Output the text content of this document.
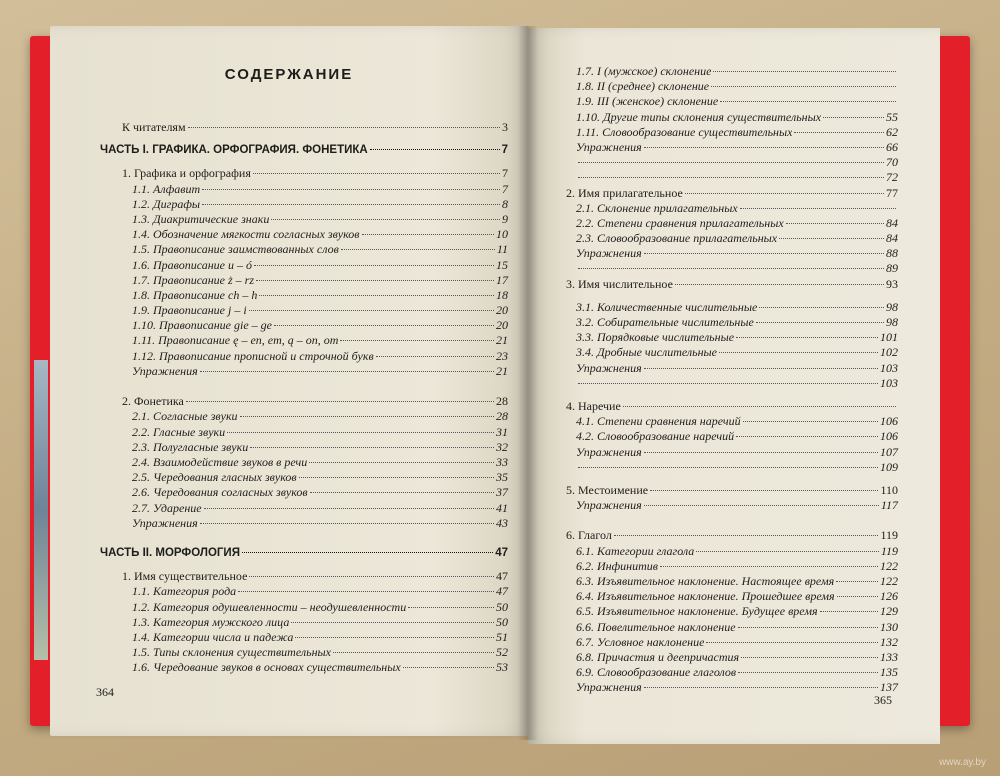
СОДЕРЖАНИЕ
К читателям	3
ЧАСТЬ I. ГРАФИКА. ОРФОГРАФИЯ. ФОНЕТИКА	7
1. Графика и орфография	7
1.1. Алфавит	7
1.2. Диграфы	8
1.3. Диакритические знаки	9
1.4. Обозначение мягкости согласных звуков	10
1.5. Правописание заимствованных слов	11
1.6. Правописание u – ó	15
1.7. Правописание ż – rz	17
1.8. Правописание ch – h	18
1.9. Правописание j – i	20
1.10. Правописание gie – ge	20
1.11. Правописание ę – en, em, ą – on, om	21
1.12. Правописание прописной и строчной букв	23
Упражнения	21
2. Фонетика	28
2.1. Согласные звуки	28
2.2. Гласные звуки	31
2.3. Полугласные звуки	32
2.4. Взаимодействие звуков в речи	33
2.5. Чередования гласных звуков	35
2.6. Чередования согласных звуков	37
2.7. Ударение	41
Упражнения	43
ЧАСТЬ II. МОРФОЛОГИЯ	47
1. Имя существительное	47
1.1. Категория рода	47
1.2. Категория одушевленности – неодушевленности	50
1.3. Категория мужского лица	50
1.4. Категории числа и падежа	51
1.5. Типы склонения существительных	52
1.6. Чередование звуков в основах существительных	53
364
1.7. I (мужское) склонение
1.8. II (среднее) склонение
1.9. III (женское) склонение
1.10. Другие типы склонения существительных	55
1.11. Словообразование существительных	62
Упражнения	66
70
72
2. Имя прилагательное	77
2.1. Склонение прилагательных
2.2. Степени сравнения прилагательных	84
2.3. Словообразование прилагательных	84
Упражнения	88
89
3. Имя числительное	93
3.1. Количественные числительные	98
3.2. Собирательные числительные	98
3.3. Порядковые числительные	101
3.4. Дробные числительные	102
Упражнения	103
103
4. Наречие
4.1. Степени сравнения наречий	106
4.2. Словообразование наречий	106
Упражнения	107
109
5. Местоимение	110
Упражнения	117
6. Глагол	119
6.1. Категории глагола	119
6.2. Инфинитив	122
6.3. Изъявительное наклонение. Настоящее время	122
6.4. Изъявительное наклонение. Прошедшее время	126
6.5. Изъявительное наклонение. Будущее время	129
6.6. Повелительное наклонение	130
6.7. Условное наклонение	132
6.8. Причастия и деепричастия	133
6.9. Словообразование глаголов	135
Упражнения	137
365
www.ay.by
